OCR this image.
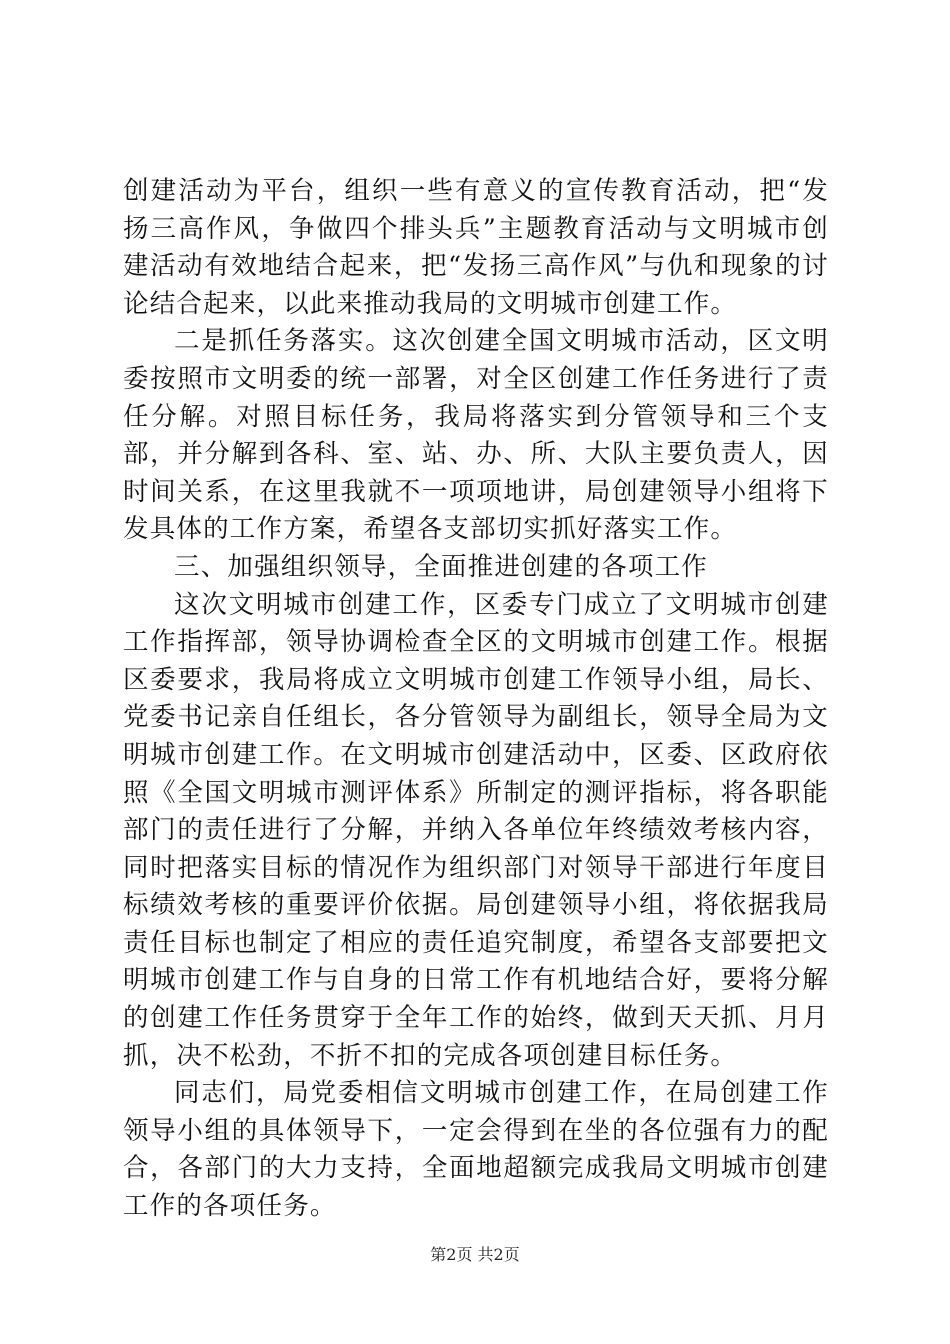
创建活动为平台，组织一些有意义的宣传教育活动，把“发扬三高作风，争做四个排头兵”主题教育活动与文明城市创建活动有效地结合起来，把“发扬三高作风”与仇和现象的讨论结合起来，以此来推动我局的文明城市创建工作。

二是抓任务落实。这次创建全国文明城市活动，区文明委按照市文明委的统一部署，对全区创建工作任务进行了责任分解。对照目标任务，我局将落实到分管领导和三个支部，并分解到各科、室、站、办、所、大队主要负责人，因时间关系，在这里我就不一项项地讲，局创建领导小组将下发具体的工作方案，希望各支部切实抓好落实工作。

三、加强组织领导，全面推进创建的各项工作

这次文明城市创建工作，区委专门成立了文明城市创建工作指挥部，领导协调检查全区的文明城市创建工作。根据区委要求，我局将成立文明城市创建工作领导小组，局长、党委书记亲自任组长，各分管领导为副组长，领导全局为文明城市创建工作。在文明城市创建活动中，区委、区政府依照《全国文明城市测评体系》所制定的测评指标，将各职能部门的责任进行了分解，并纳入各单位年终绩效考核内容，同时把落实目标的情况作为组织部门对领导干部进行年度目标绩效考核的重要评价依据。局创建领导小组，将依据我局责任目标也制定了相应的责任追究制度，希望各支部要把文明城市创建工作与自身的日常工作有机地结合好，要将分解的创建工作任务贯穿于全年工作的始终，做到天天抓、月月抓，决不松劲，不折不扣的完成各项创建目标任务。

同志们，局党委相信文明城市创建工作，在局创建工作领导小组的具体领导下，一定会得到在坐的各位强有力的配合，各部门的大力支持，全面地超额完成我局文明城市创建工作的各项任务。

第2页 共2页
